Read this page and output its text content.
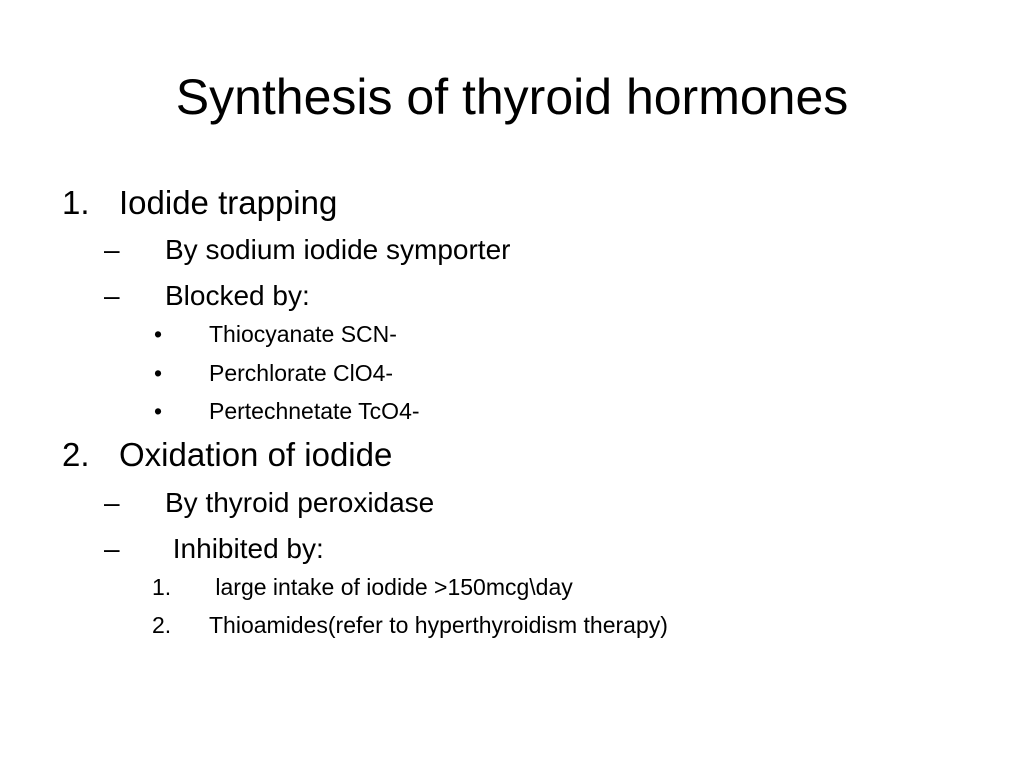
Synthesis of thyroid hormones
1. Iodide trapping
– By sodium iodide symporter
– Blocked by:
• Thiocyanate SCN-
• Perchlorate ClO4-
• Pertechnetate TcO4-
2. Oxidation of iodide
– By thyroid peroxidase
– Inhibited by:
1. large intake of iodide >150mcg\day
2. Thioamides(refer to hyperthyroidism therapy)
